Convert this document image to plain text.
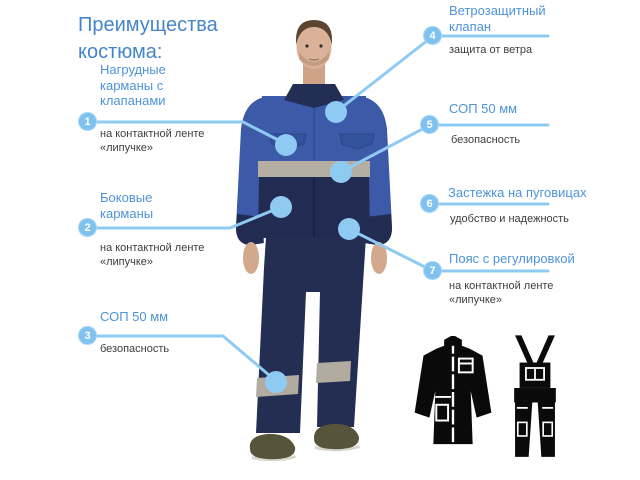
Преимущества костюма:
Нагрудные карманы с клапанами
1
на контактной ленте «липучке»
Боковые карманы
2
на контактной ленте «липучке»
СОП 50 мм
3
безопасность
Ветрозащитный клапан
4
защита от ветра
СОП 50 мм
5
безопасность
Застежка на пуговицах
6
удобство и надежность
Пояс с регулировкой
7
на контактной ленте «липучке»
